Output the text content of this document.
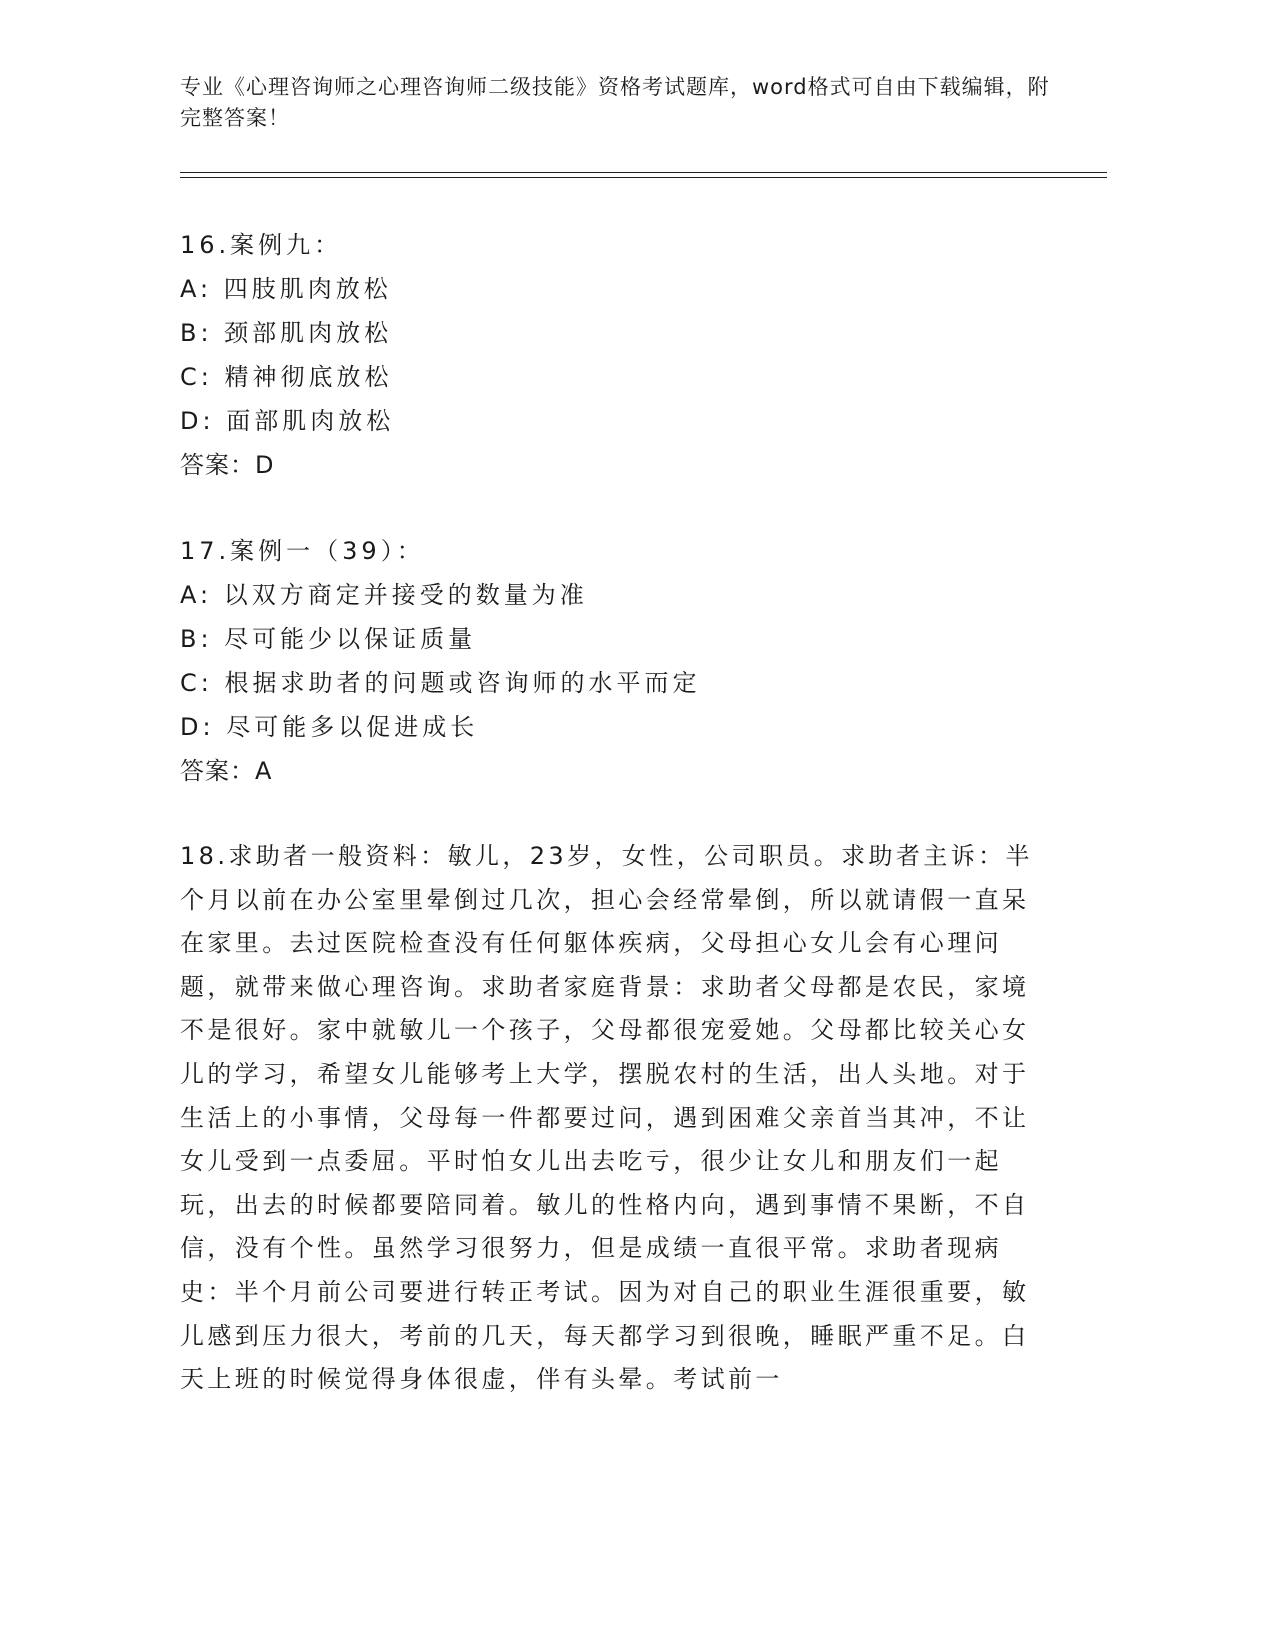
专业《心理咨询师之心理咨询师二级技能》资格考试题库，word格式可自由下载编辑，附完整答案！

16.案例九：
A: 四肢肌肉放松
B: 颈部肌肉放松
C: 精神彻底放松
D: 面部肌肉放松
答案：D
17.案例一（39）：
A: 以双方商定并接受的数量为准
B: 尽可能少以保证质量
C: 根据求助者的问题或咨询师的水平而定
D: 尽可能多以促进成长
答案：A

18.求助者一般资料：敏儿，23岁，女性，公司职员。求助者主诉：半个月以前在办公室里晕倒过几次，担心会经常晕倒，所以就请假一直呆在家里。去过医院检查没有任何躯体疾病，父母担心女儿会有心理问题，就带来做心理咨询。求助者家庭背景：求助者父母都是农民，家境不是很好。家中就敏儿一个孩子，父母都很宠爱她。父母都比较关心女儿的学习，希望女儿能够考上大学，摆脱农村的生活，出人头地。对于生活上的小事情，父母每一件都要过问，遇到困难父亲首当其冲，不让女儿受到一点委屈。平时怕女儿出去吃亏，很少让女儿和朋友们一起玩，出去的时候都要陪同着。敏儿的性格内向，遇到事情不果断，不自信，没有个性。虽然学习很努力，但是成绩一直很平常。求助者现病史：半个月前公司要进行转正考试。因为对自己的职业生涯很重要，敏儿感到压力很大，考前的几天，每天都学习到很晚，睡眠严重不足。白天上班的时候觉得身体很虚，伴有头晕。考试前一
